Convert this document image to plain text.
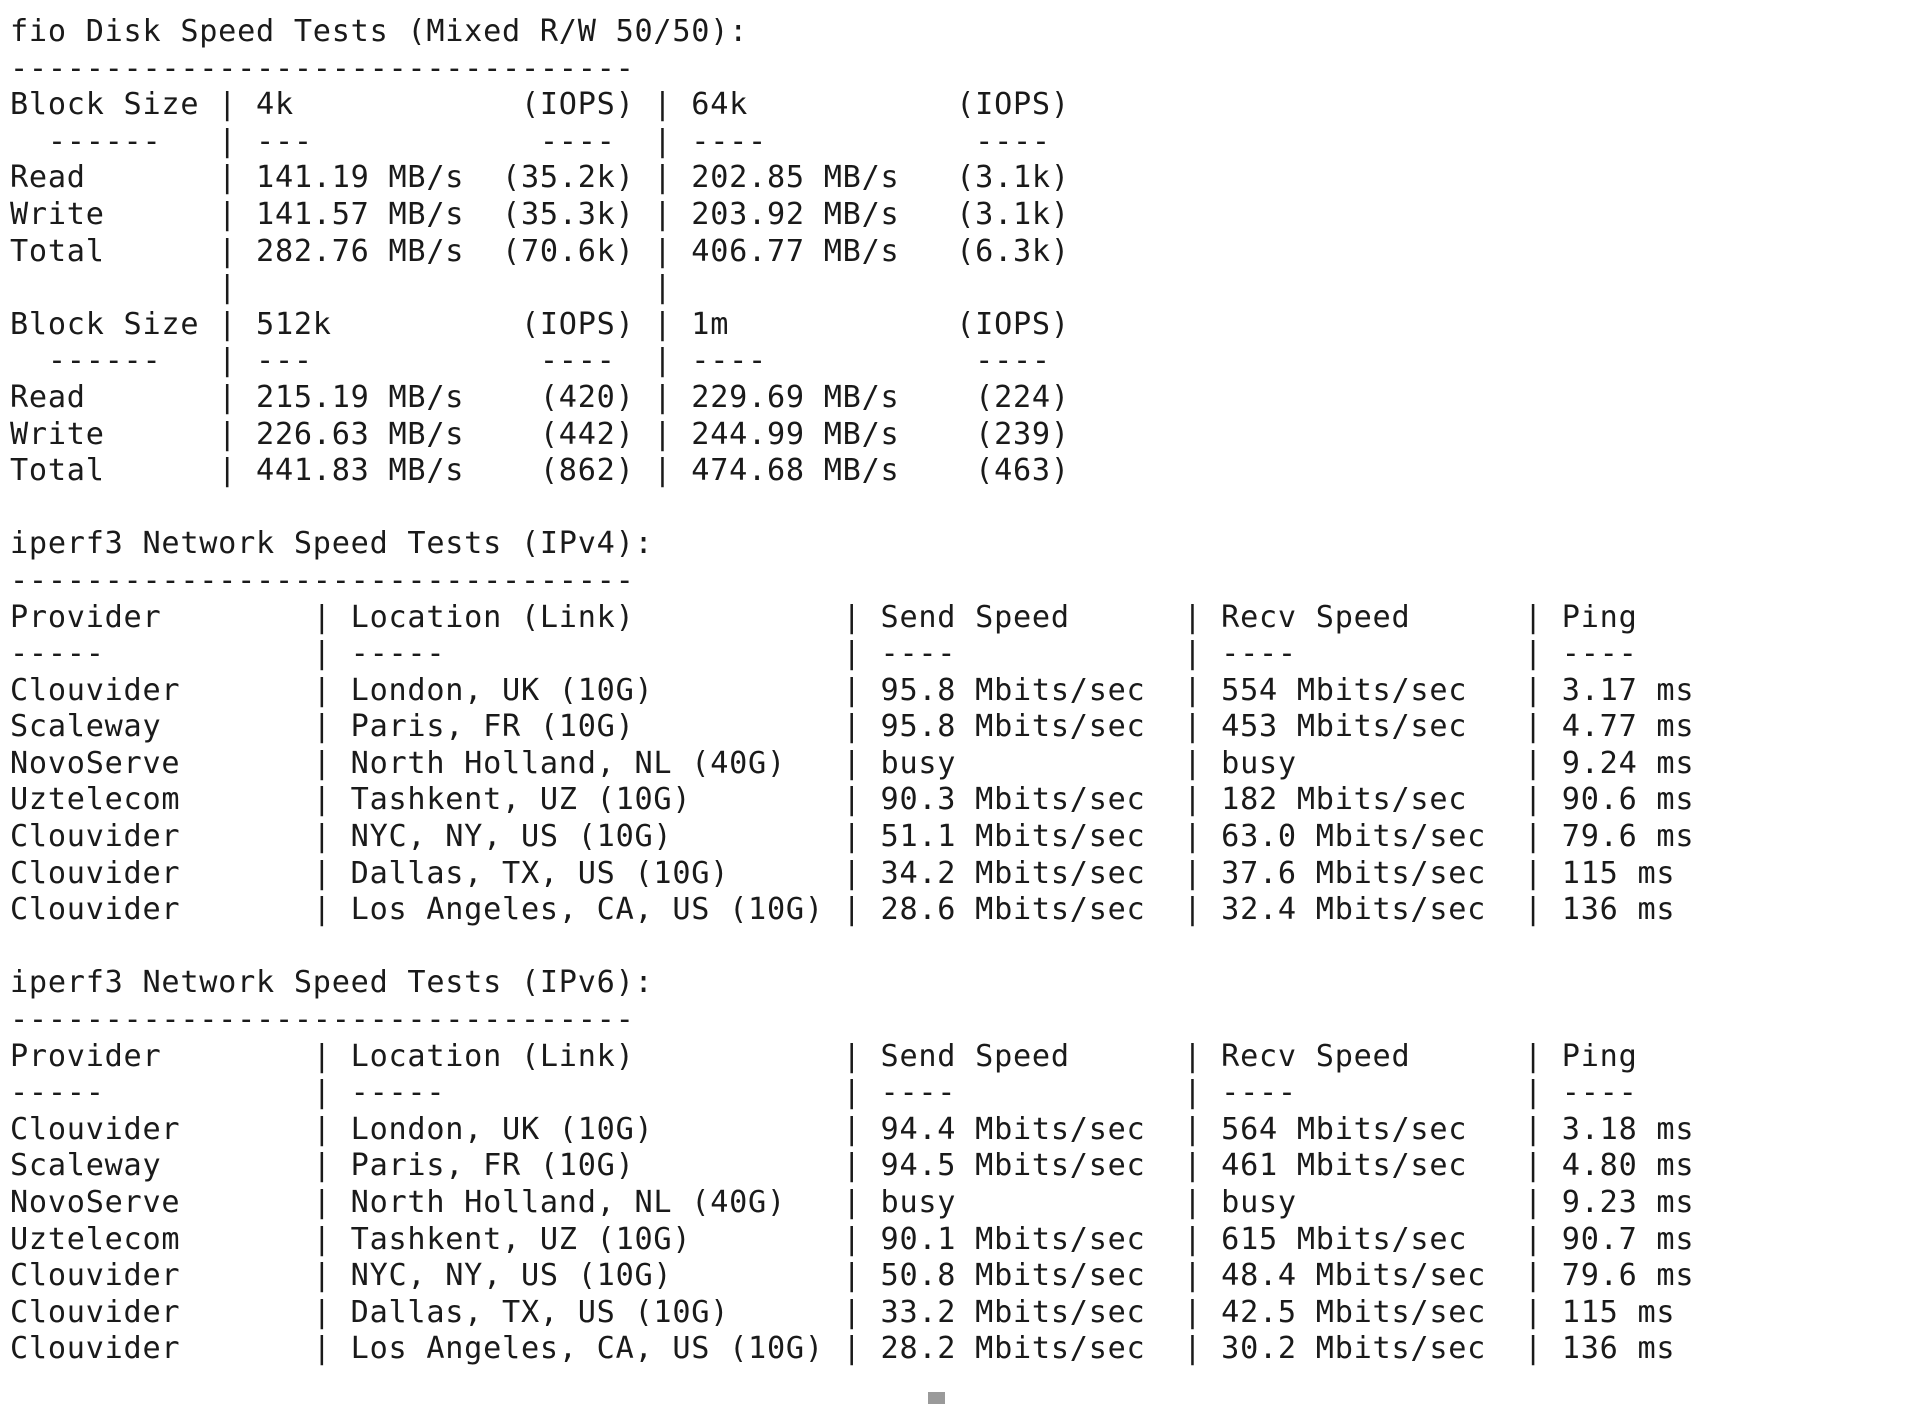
fio Disk Speed Tests (Mixed R/W 50/50):
---------------------------------
Block Size | 4k            (IOPS) | 64k           (IOPS)
------   | ---            ----  | ----           ----
Read       | 141.19 MB/s  (35.2k) | 202.85 MB/s   (3.1k)
Write      | 141.57 MB/s  (35.3k) | 203.92 MB/s   (3.1k)
Total      | 282.76 MB/s  (70.6k) | 406.77 MB/s   (6.3k)
|                      |
Block Size | 512k          (IOPS) | 1m            (IOPS)
------   | ---            ----  | ----           ----
Read       | 215.19 MB/s    (420) | 229.69 MB/s    (224)
Write      | 226.63 MB/s    (442) | 244.99 MB/s    (239)
Total      | 441.83 MB/s    (862) | 474.68 MB/s    (463)
iperf3 Network Speed Tests (IPv4):
---------------------------------
Provider        | Location (Link)           | Send Speed      | Recv Speed      | Ping
-----           | -----                     | ----            | ----            | ----
Clouvider       | London, UK (10G)          | 95.8 Mbits/sec  | 554 Mbits/sec   | 3.17 ms
Scaleway        | Paris, FR (10G)           | 95.8 Mbits/sec  | 453 Mbits/sec   | 4.77 ms
NovoServe       | North Holland, NL (40G)   | busy            | busy            | 9.24 ms
Uztelecom       | Tashkent, UZ (10G)        | 90.3 Mbits/sec  | 182 Mbits/sec   | 90.6 ms
Clouvider       | NYC, NY, US (10G)         | 51.1 Mbits/sec  | 63.0 Mbits/sec  | 79.6 ms
Clouvider       | Dallas, TX, US (10G)      | 34.2 Mbits/sec  | 37.6 Mbits/sec  | 115 ms
Clouvider       | Los Angeles, CA, US (10G) | 28.6 Mbits/sec  | 32.4 Mbits/sec  | 136 ms
iperf3 Network Speed Tests (IPv6):
---------------------------------
Provider        | Location (Link)           | Send Speed      | Recv Speed      | Ping
-----           | -----                     | ----            | ----            | ----
Clouvider       | London, UK (10G)          | 94.4 Mbits/sec  | 564 Mbits/sec   | 3.18 ms
Scaleway        | Paris, FR (10G)           | 94.5 Mbits/sec  | 461 Mbits/sec   | 4.80 ms
NovoServe       | North Holland, NL (40G)   | busy            | busy            | 9.23 ms
Uztelecom       | Tashkent, UZ (10G)        | 90.1 Mbits/sec  | 615 Mbits/sec   | 90.7 ms
Clouvider       | NYC, NY, US (10G)         | 50.8 Mbits/sec  | 48.4 Mbits/sec  | 79.6 ms
Clouvider       | Dallas, TX, US (10G)      | 33.2 Mbits/sec  | 42.5 Mbits/sec  | 115 ms
Clouvider       | Los Angeles, CA, US (10G) | 28.2 Mbits/sec  | 30.2 Mbits/sec  | 136 ms
